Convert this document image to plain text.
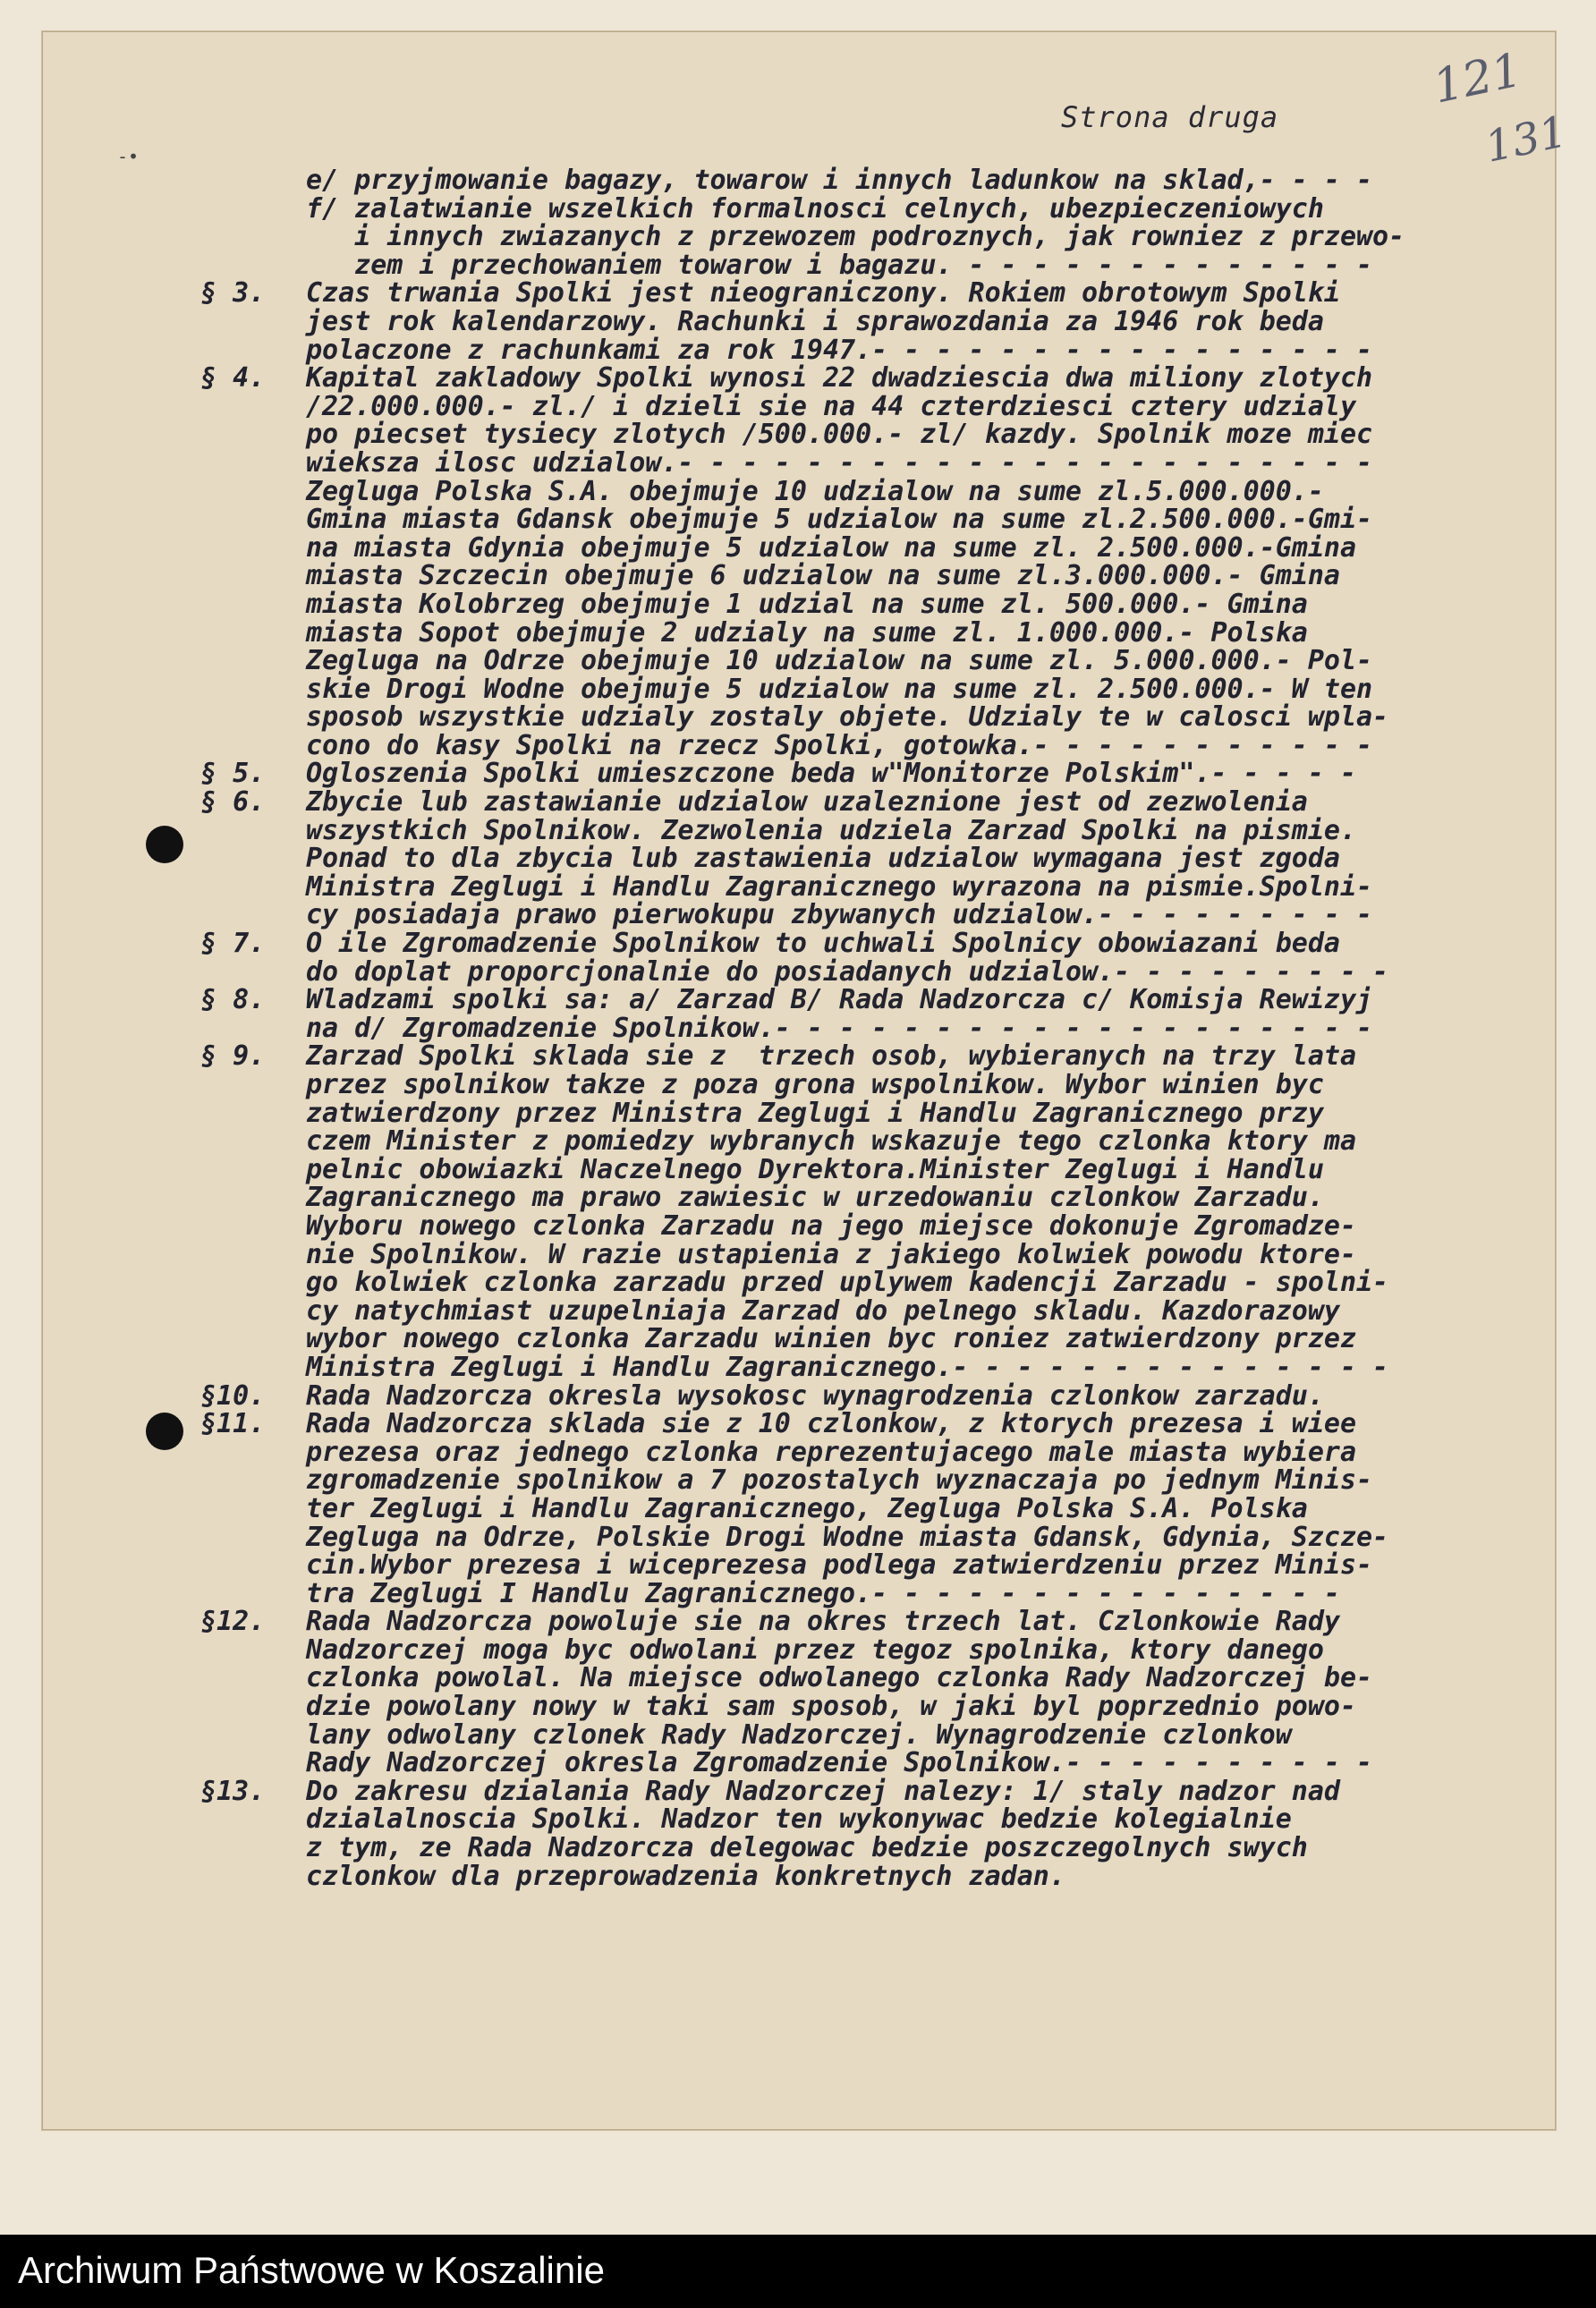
-•
Strona druga
121
131
e/ przyjmowanie bagazy, towarow i innych ladunkow na sklad,- - - -
f/ zalatwianie wszelkich formalnosci celnych, ubezpieczeniowych
i innych zwiazanych z przewozem podroznych, jak rowniez z przewo-
zem i przechowaniem towarow i bagazu. - - - - - - - - - - - - -
§ 3.	Czas trwania Spolki jest nieograniczony. Rokiem obrotowym Spolki
jest rok kalendarzowy. Rachunki i sprawozdania za 1946 rok beda
polaczone z rachunkami za rok 1947.- - - - - - - - - - - - - - - -
§ 4.	Kapital zakladowy Spolki wynosi 22 dwadziescia dwa miliony zlotych
/22.000.000.- zl./ i dzieli sie na 44 czterdziesci cztery udzialy
po piecset tysiecy zlotych /500.000.- zl/ kazdy. Spolnik moze miec
wieksza ilosc udzialow.- - - - - - - - - - - - - - - - - - - - - -
Zegluga Polska S.A. obejmuje 10 udzialow na sume zl.5.000.000.-
Gmina miasta Gdansk obejmuje 5 udzialow na sume zl.2.500.000.-Gmi-
na miasta Gdynia obejmuje 5 udzialow na sume zl. 2.500.000.-Gmina
miasta Szczecin obejmuje 6 udzialow na sume zl.3.000.000.- Gmina
miasta Kolobrzeg obejmuje 1 udzial na sume zl. 500.000.- Gmina
miasta Sopot obejmuje 2 udzialy na sume zl. 1.000.000.- Polska
Zegluga na Odrze obejmuje 10 udzialow na sume zl. 5.000.000.- Pol-
skie Drogi Wodne obejmuje 5 udzialow na sume zl. 2.500.000.- W ten
sposob wszystkie udzialy zostaly objete. Udzialy te w calosci wpla-
cono do kasy Spolki na rzecz Spolki, gotowka.- - - - - - - - - - -
§ 5.	Ogloszenia Spolki umieszczone beda w"Monitorze Polskim".- - - - -
§ 6.	Zbycie lub zastawianie udzialow uzaleznione jest od zezwolenia
wszystkich Spolnikow. Zezwolenia udziela Zarzad Spolki na pismie.
Ponad to dla zbycia lub zastawienia udzialow wymagana jest zgoda
Ministra Zeglugi i Handlu Zagranicznego wyrazona na pismie.Spolni-
cy posiadaja prawo pierwokupu zbywanych udzialow.- - - - - - - - -
§ 7.	O ile Zgromadzenie Spolnikow to uchwali Spolnicy obowiazani beda
do doplat proporcjonalnie do posiadanych udzialow.- - - - - - - - -
§ 8.	Wladzami spolki sa: a/ Zarzad B/ Rada Nadzorcza c/ Komisja Rewizyj
na d/ Zgromadzenie Spolnikow.- - - - - - - - - - - - - - - - - - -
§ 9.	Zarzad Spolki sklada sie z  trzech osob, wybieranych na trzy lata
przez spolnikow takze z poza grona wspolnikow. Wybor winien byc
zatwierdzony przez Ministra Zeglugi i Handlu Zagranicznego przy
czem Minister z pomiedzy wybranych wskazuje tego czlonka ktory ma
pelnic obowiazki Naczelnego Dyrektora.Minister Zeglugi i Handlu
Zagranicznego ma prawo zawiesic w urzedowaniu czlonkow Zarzadu.
Wyboru nowego czlonka Zarzadu na jego miejsce dokonuje Zgromadze-
nie Spolnikow. W razie ustapienia z jakiego kolwiek powodu ktore-
go kolwiek czlonka zarzadu przed uplywem kadencji Zarzadu - spolni-
cy natychmiast uzupelniaja Zarzad do pelnego skladu. Kazdorazowy
wybor nowego czlonka Zarzadu winien byc roniez zatwierdzony przez
Ministra Zeglugi i Handlu Zagranicznego.- - - - - - - - - - - - - -
§10.	Rada Nadzorcza okresla wysokosc wynagrodzenia czlonkow zarzadu.
§11.	Rada Nadzorcza sklada sie z 10 czlonkow, z ktorych prezesa i wiee
prezesa oraz jednego czlonka reprezentujacego male miasta wybiera
zgromadzenie spolnikow a 7 pozostalych wyznaczaja po jednym Minis-
ter Zeglugi i Handlu Zagranicznego, Zegluga Polska S.A. Polska
Zegluga na Odrze, Polskie Drogi Wodne miasta Gdansk, Gdynia, Szcze-
cin.Wybor prezesa i wiceprezesa podlega zatwierdzeniu przez Minis-
tra Zeglugi I Handlu Zagranicznego.- - - - - - - - - - - - - - -
§12.	Rada Nadzorcza powoluje sie na okres trzech lat. Czlonkowie Rady
Nadzorczej moga byc odwolani przez tegoz spolnika, ktory danego
czlonka powolal. Na miejsce odwolanego czlonka Rady Nadzorczej be-
dzie powolany nowy w taki sam sposob, w jaki byl poprzednio powo-
lany odwolany czlonek Rady Nadzorczej. Wynagrodzenie czlonkow
Rady Nadzorczej okresla Zgromadzenie Spolnikow.- - - - - - - - - -
§13.	Do zakresu dzialania Rady Nadzorczej nalezy: 1/ staly nadzor nad
dzialalnoscia Spolki. Nadzor ten wykonywac bedzie kolegialnie
z tym, ze Rada Nadzorcza delegowac bedzie poszczegolnych swych
czlonkow dla przeprowadzenia konkretnych zadan.
Archiwum Państwowe w Koszalinie
